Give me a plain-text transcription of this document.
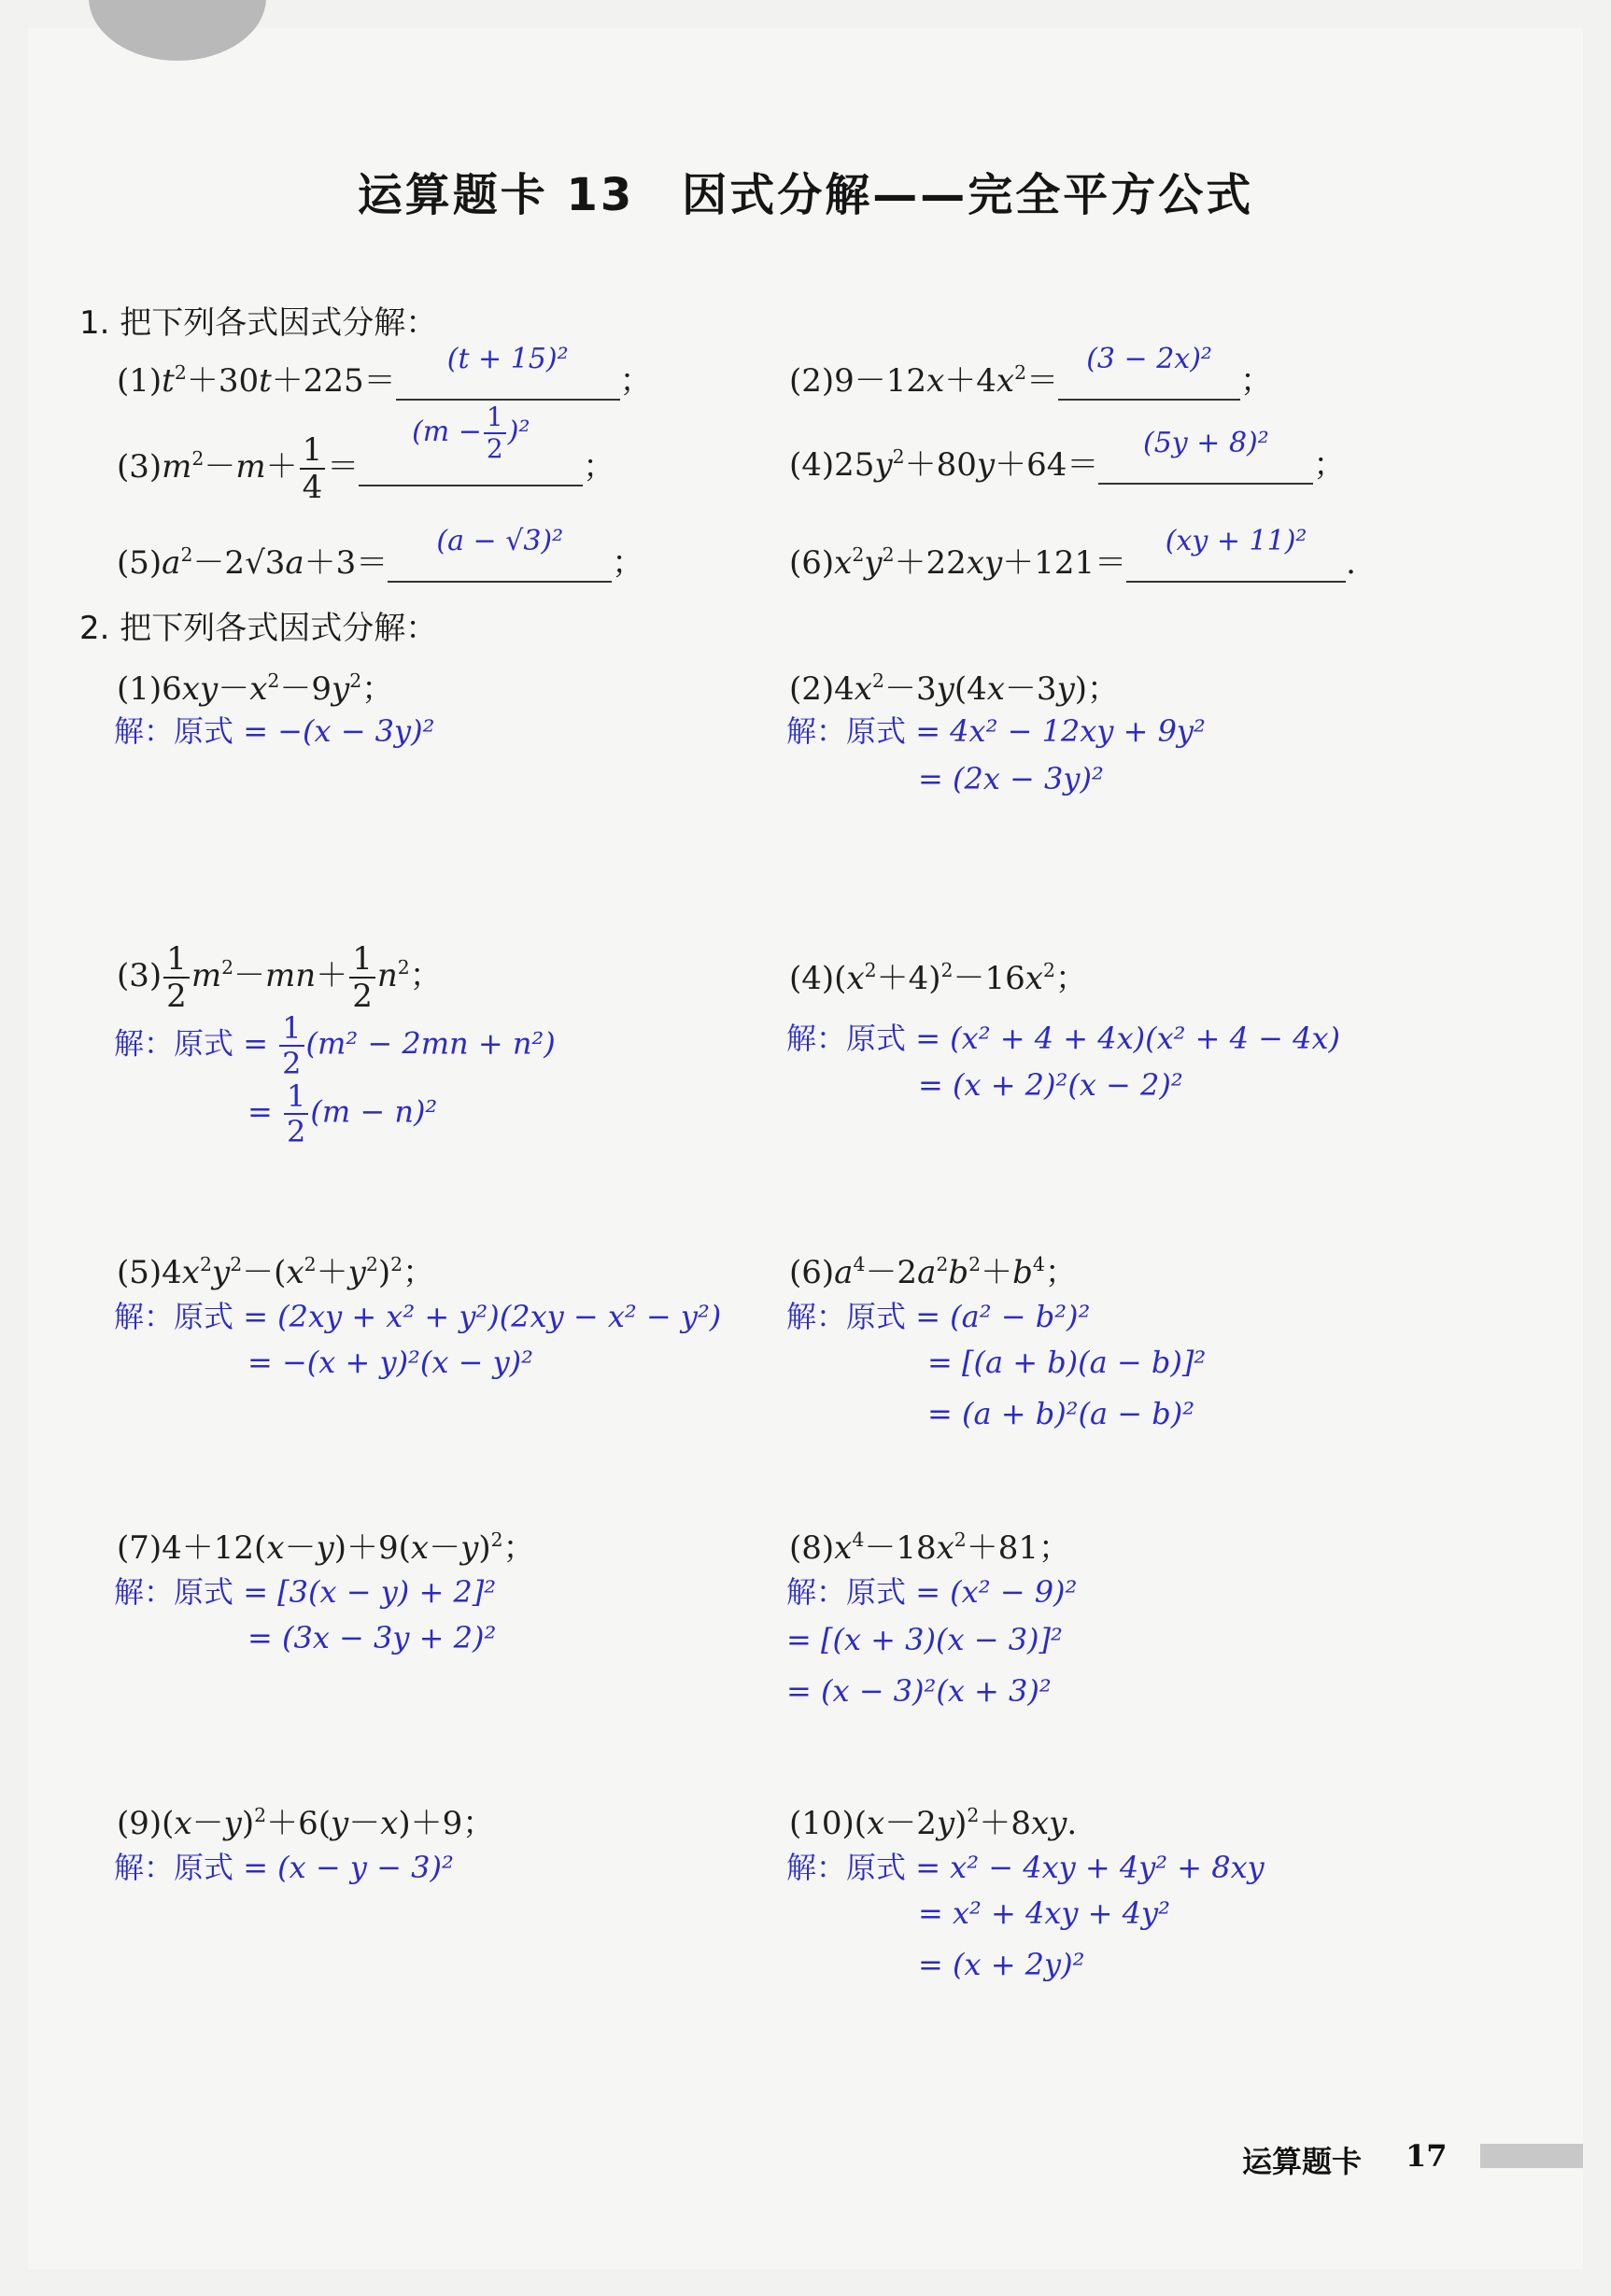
运算题卡 13　因式分解——完全平方公式
1. 把下列各式因式分解：
$(1)t^2+30t+225=$
(t + 15)²
；	$(2)9-12x+4x^2=$
(3 − 2x)²
；
$(3)m^2-m+ \frac{1}{4}$ ＝
$(m - \frac{1}{2} )^2$
；	$(4)25y^2+80y+64=$
(5y + 8)²
；
$(5)a^2-2√3a+3=$
(a − √3)²
；	$(6)x^2y^2+22xy+121=$
(xy + 11)²
.
2. 把下列各式因式分解：
$(1)6xy-x^2-9y^2$；
解：原式 = −(x − 3y)²
$(2)4x^2-3y(4x-3y)$；
解：原式 = 4x² − 12xy + 9y²
= (2x − 3y)²
$(3) \frac{1}{2} m^2-mn+ \frac{1}{2} n^2$；
解：原式 = $\frac{1}{2} (m^2 - 2mn + n^2)$
= $\frac{1}{2} (m - n)^2$
$(4)(x^2+4)^2-16x^2$；
解：原式 = (x² + 4 + 4x)(x² + 4 − 4x)
= (x + 2)²(x − 2)²
$(5)4x^2y^2-(x^2+y^2)^2$；
解：原式 = (2xy + x² + y²)(2xy − x² − y²)
= −(x + y)²(x − y)²
$(6)a^4-2a^2b^2+b^4$；
解：原式 = (a² − b²)²
= [(a + b)(a − b)]²
= (a + b)²(a − b)²
$(7)4+12(x-y)+9(x-y)^2$；
解：原式 = [3(x − y) + 2]²
= (3x − 3y + 2)²
$(8)x^4-18x^2+81$；
解：原式 = (x² − 9)²
= [(x + 3)(x − 3)]²
= (x − 3)²(x + 3)²
$(9)(x-y)^2+6(y-x)+9$；
解：原式 = (x − y − 3)²
$(10)(x-2y)^2+8xy$.
解：原式 = x² − 4xy + 4y² + 8xy
= x² + 4xy + 4y²
= (x + 2y)²
运算题卡 17
